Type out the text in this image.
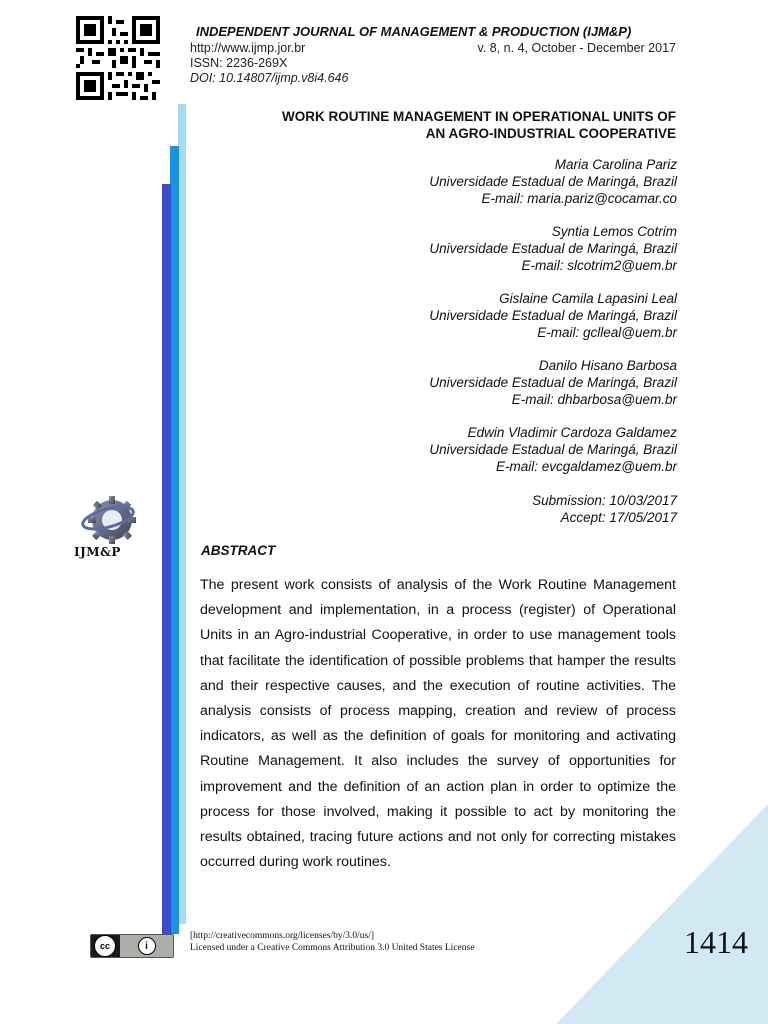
INDEPENDENT JOURNAL OF MANAGEMENT & PRODUCTION (IJM&P)
http://www.ijmp.jor.br	v. 8, n. 4, October - December 2017
ISSN: 2236-269X
DOI: 10.14807/ijmp.v8i4.646
WORK ROUTINE MANAGEMENT IN OPERATIONAL UNITS OF
AN AGRO-INDUSTRIAL COOPERATIVE
Maria Carolina Pariz
Universidade Estadual de Maringá, Brazil
E-mail: maria.pariz@cocamar.co
Syntia Lemos Cotrim
Universidade Estadual de Maringá, Brazil
E-mail: slcotrim2@uem.br
Gislaine Camila Lapasini Leal
Universidade Estadual de Maringá, Brazil
E-mail: gclleal@uem.br
Danilo Hisano Barbosa
Universidade Estadual de Maringá, Brazil
E-mail: dhbarbosa@uem.br
Edwin Vladimir Cardoza Galdamez
Universidade Estadual de Maringá, Brazil
E-mail: evcgaldamez@uem.br
Submission: 10/03/2017
Accept: 17/05/2017
IJM&P	ABSTRACT
The present work consists of analysis of the Work Routine Management development and implementation, in a process (register) of Operational Units in an Agro-industrial Cooperative, in order to use management tools that facilitate the identification of possible problems that hamper the results and their respective causes, and the execution of routine activities. The analysis consists of process mapping, creation and review of process indicators, as well as the definition of goals for monitoring and activating Routine Management. It also includes the survey of opportunities for improvement and the definition of an action plan in order to optimize the process for those involved, making it possible to act by monitoring the results obtained, tracing future actions and not only for correcting mistakes occurred during work routines.
cc	i
[http://creativecommons.org/licenses/by/3.0/us/]
Licensed under a Creative Commons Attribution 3.0 United States License	1414
